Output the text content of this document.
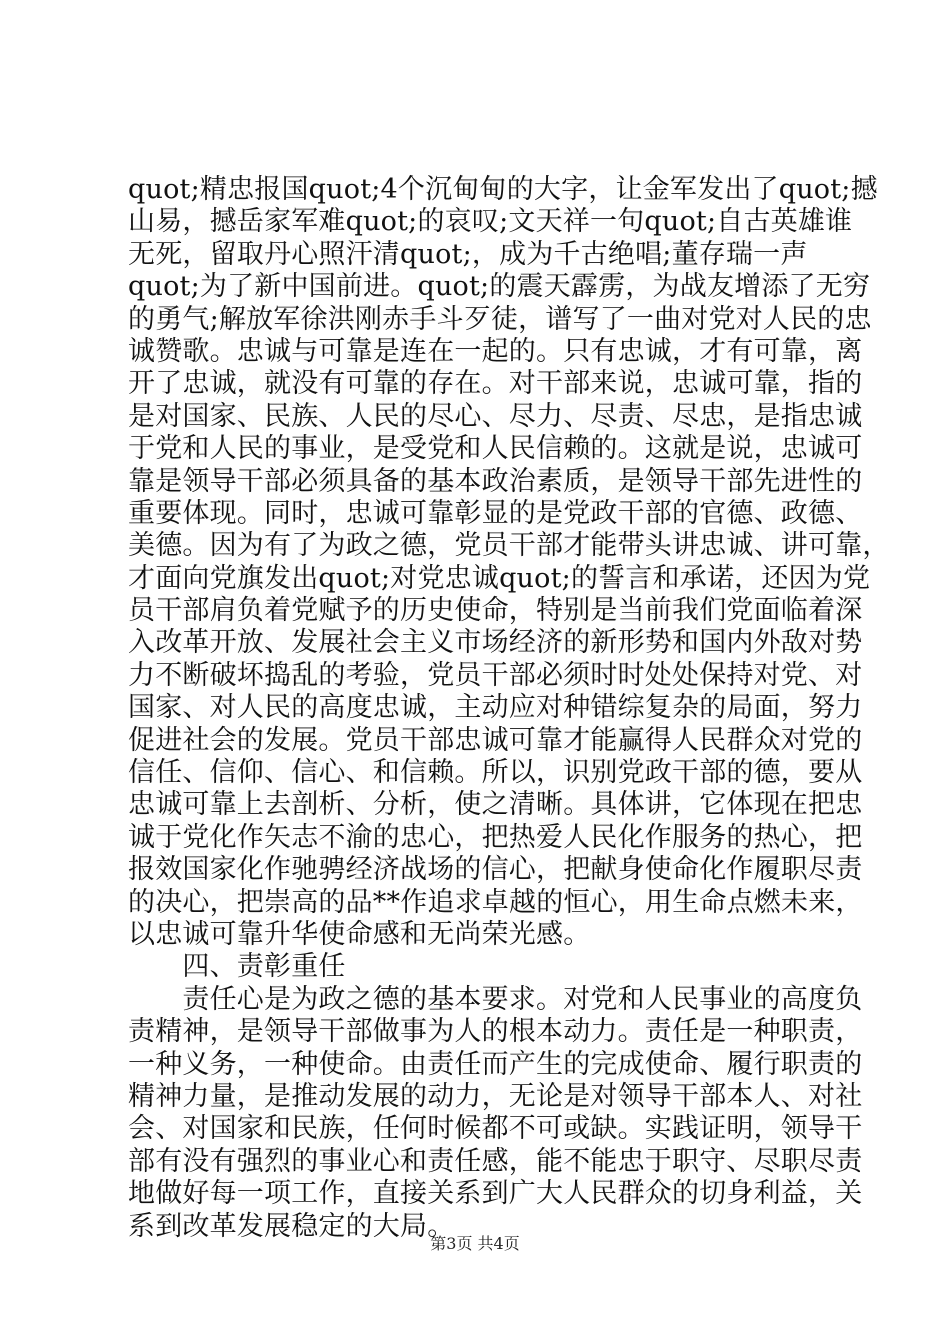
quot;精忠报国quot;4个沉甸甸的大字，让金军发出了quot;撼
山易，撼岳家军难quot;的哀叹;文天祥一句quot;自古英雄谁
无死，留取丹心照汗清quot;，成为千古绝唱;董存瑞一声
quot;为了新中国前进。quot;的震天霹雳，为战友增添了无穷
的勇气;解放军徐洪刚赤手斗歹徒，谱写了一曲对党对人民的忠
诚赞歌。忠诚与可靠是连在一起的。只有忠诚，才有可靠，离
开了忠诚，就没有可靠的存在。对干部来说，忠诚可靠，指的
是对国家、民族、人民的尽心、尽力、尽责、尽忠，是指忠诚
于党和人民的事业，是受党和人民信赖的。这就是说，忠诚可
靠是领导干部必须具备的基本政治素质，是领导干部先进性的
重要体现。同时，忠诚可靠彰显的是党政干部的官德、政德、
美德。因为有了为政之德，党员干部才能带头讲忠诚、讲可靠，
才面向党旗发出quot;对党忠诚quot;的誓言和承诺，还因为党
员干部肩负着党赋予的历史使命，特别是当前我们党面临着深
入改革开放、发展社会主义市场经济的新形势和国内外敌对势
力不断破坏捣乱的考验，党员干部必须时时处处保持对党、对
国家、对人民的高度忠诚，主动应对种错综复杂的局面，努力
促进社会的发展。党员干部忠诚可靠才能赢得人民群众对党的
信任、信仰、信心、和信赖。所以，识别党政干部的德，要从
忠诚可靠上去剖析、分析，使之清晰。具体讲，它体现在把忠
诚于党化作矢志不渝的忠心，把热爱人民化作服务的热心，把
报效国家化作驰骋经济战场的信心，把献身使命化作履职尽责
的决心，把崇高的品**作追求卓越的恒心，用生命点燃未来，
以忠诚可靠升华使命感和无尚荣光感。
　　四、责彰重任
　　责任心是为政之德的基本要求。对党和人民事业的高度负
责精神，是领导干部做事为人的根本动力。责任是一种职责，
一种义务，一种使命。由责任而产生的完成使命、履行职责的
精神力量，是推动发展的动力，无论是对领导干部本人、对社
会、对国家和民族，任何时候都不可或缺。实践证明，领导干
部有没有强烈的事业心和责任感，能不能忠于职守、尽职尽责
地做好每一项工作，直接关系到广大人民群众的切身利益，关
系到改革发展稳定的大局。
第3页 共4页
